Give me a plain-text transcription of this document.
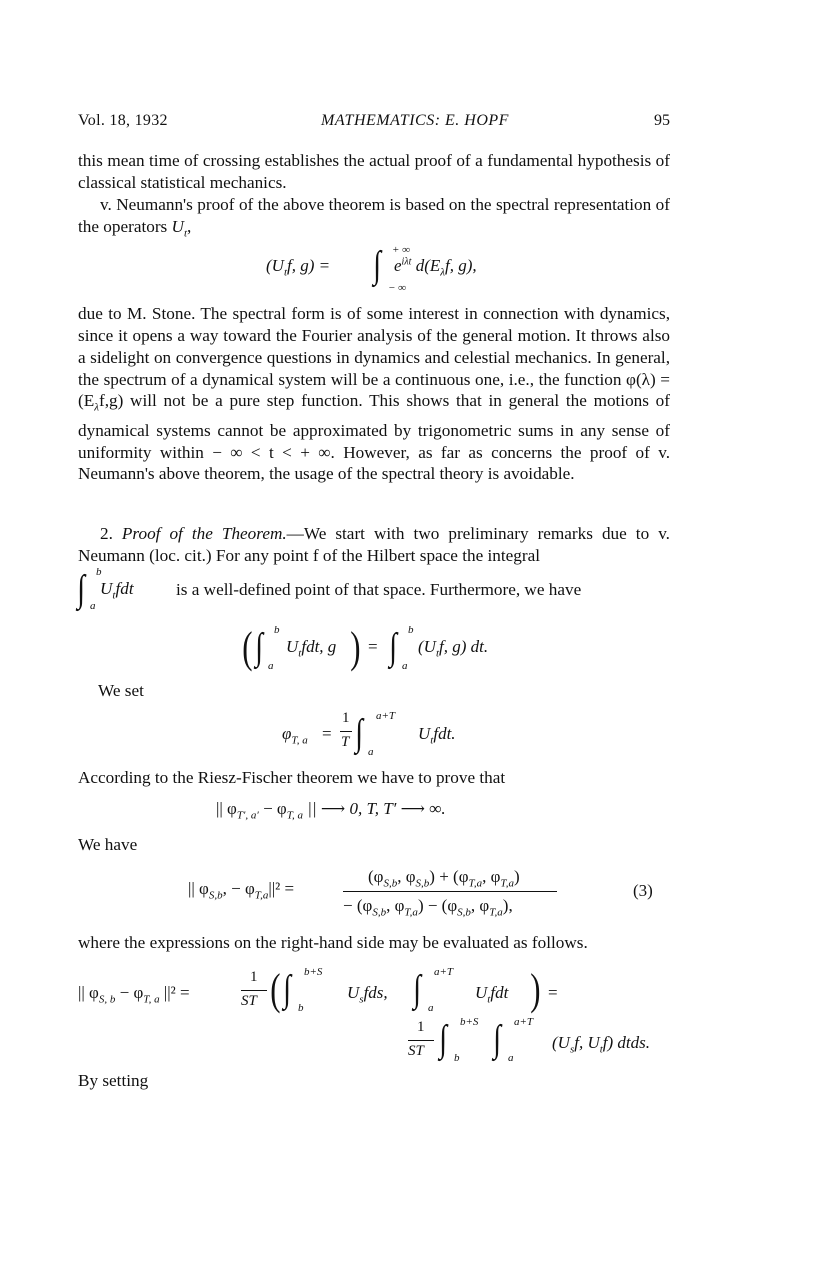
Vol. 18, 1932	MATHEMATICS: E. HOPF	95

this mean time of crossing establishes the actual proof of a fundamental hypothesis of classical statistical mechanics.

v. Neumann's proof of the above theorem is based on the spectral representation of the operators $U_t$,

($U_tf$, g) = ∫ + ∞
− ∞
$e^{i\lambda t}$ $d(E_\lambda f$, g),

due to M. Stone. The spectral form is of some interest in connection with dynamics, since it opens a way toward the Fourier analysis of the general motion. It throws also a sidelight on convergence questions in dynamics and celestial mechanics. In general, the spectrum of a dynamical system will be a continuous one, i.e., the function $\varphi(\lambda) = (E_\lambda f,g)$ will not be a pure step function. This shows that in general the motions of dynamical systems cannot be approximated by trigonometric sums in any sense of uniformity within − ∞ < t < + ∞. However, as far as concerns the proof of v. Neumann's above theorem, the usage of the spectral theory is avoidable.

2. Proof of the Theorem.—We start with two preliminary remarks due to v. Neumann (loc. cit.) For any point f of the Hilbert space the integral

∫ b
a
$U_tfdt$ is a well-defined point of that space. Furthermore, we have
( ∫ b
a
$U_tfdt$, g ) = ∫ b
a
($U_tf$, g) dt.
We set
$\varphi_{T, a}$ =
1
T ∫ a+T
a
$U_tfdt$.
According to the Riesz-Fischer theorem we have to prove that
|| $\varphi_{T', a'} - \varphi_{T, a}$ || ⟶ 0, T, T′ ⟶ ∞.
We have
|| $\varphi_{S,b}$, − $\varphi_{T,a}||^2$ =
($\varphi_{S,b}$, $\varphi_{S,b}) + (\varphi_{T,a}$, $\varphi_{T,a}$)
− ($\varphi_{S,b}$, $\varphi_{T,a}) - (\varphi_{S,b}$, $\varphi_{T,a}$),
(3)
where the expressions on the right-hand side may be evaluated as follows.
|| $\varphi_{S, b} - \varphi_{T, a}$ ||² =
1
ST ( ∫ b+S
b
$U_sfds$, ∫ a+T
a
$U_tfdt$ ) =
1
ST ∫ b+S
b ∫ a+T
a
($U_sf$, $U_tf$) dtds.
By setting
